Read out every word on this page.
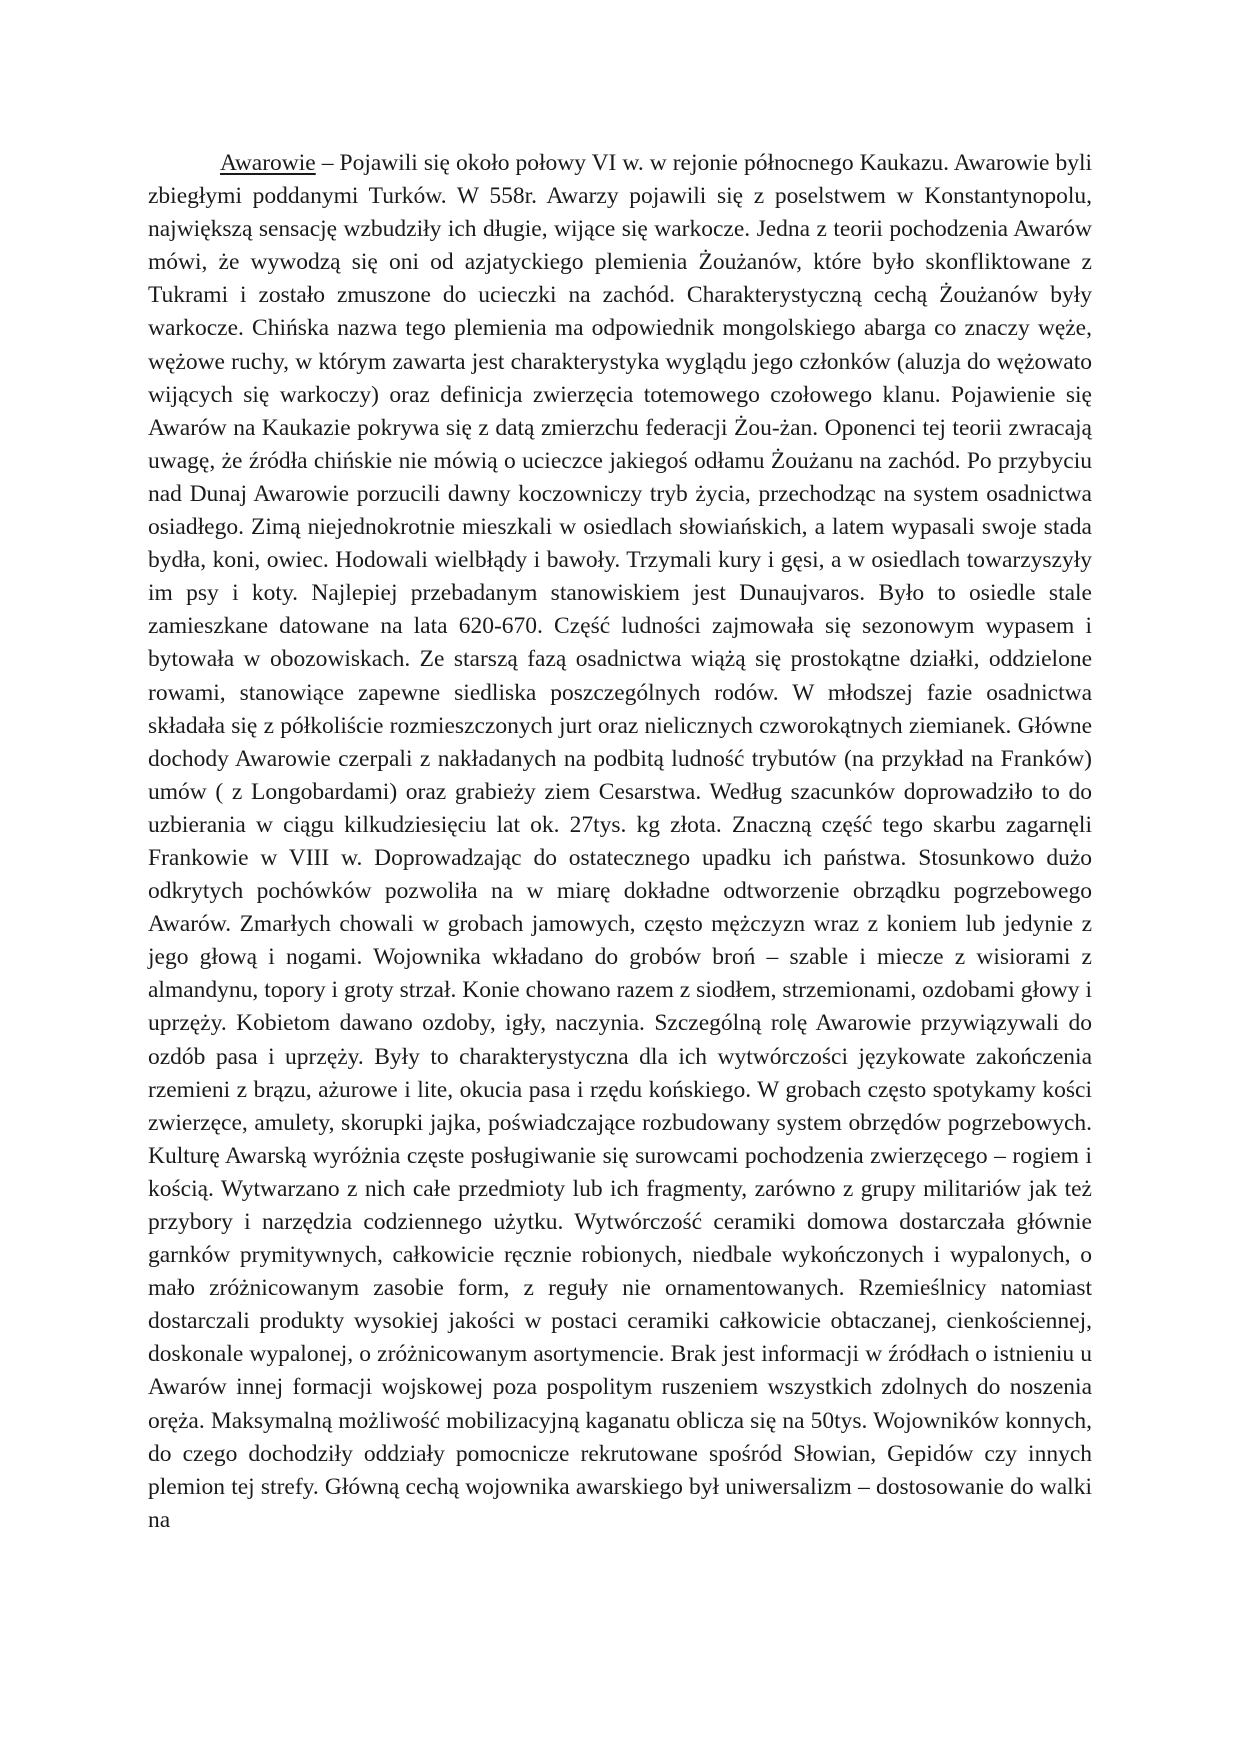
Awarowie – Pojawili się około połowy VI w. w rejonie północnego Kaukazu. Awarowie byli zbiegłymi poddanymi Turków. W 558r. Awarzy pojawili się z poselstwem w Konstantynopolu, największą sensację wzbudziły ich długie, wijące się warkocze. Jedna z teorii pochodzenia Awarów mówi, że wywodzą się oni od azjatyckiego plemienia Żoużanów, które było skonfliktowane z Tukrami i zostało zmuszone do ucieczki na zachód. Charakterystyczną cechą Żoużanów były warkocze. Chińska nazwa tego plemienia ma odpowiednik mongolskiego abarga co znaczy węże, wężowe ruchy, w którym zawarta jest charakterystyka wyglądu jego członków (aluzja do wężowato wijących się warkoczy) oraz definicja zwierzęcia totemowego czołowego klanu. Pojawienie się Awarów na Kaukazie pokrywa się z datą zmierzchu federacji Żou-żan. Oponenci tej teorii zwracają uwagę, że źródła chińskie nie mówią o ucieczce jakiegoś odłamu Żoużanu na zachód. Po przybyciu nad Dunaj Awarowie porzucili dawny koczowniczy tryb życia, przechodząc na system osadnictwa osiadłego. Zimą niejednokrotnie mieszkali w osiedlach słowiańskich, a latem wypasali swoje stada bydła, koni, owiec. Hodowali wielbłądy i bawoły. Trzymali kury i gęsi, a w osiedlach towarzyszyły im psy i koty. Najlepiej przebadanym stanowiskiem jest Dunaujvaros. Było to osiedle stale zamieszkane datowane na lata 620-670. Część ludności zajmowała się sezonowym wypasem i bytowała w obozowiskach. Ze starszą fazą osadnictwa wiążą się prostokątne działki, oddzielone rowami, stanowiące zapewne siedliska poszczególnych rodów. W młodszej fazie osadnictwa składała się z półkoliście rozmieszczonych jurt oraz nielicznych czworokątnych ziemianek. Główne dochody Awarowie czerpali z nakładanych na podbitą ludność trybutów (na przykład na Franków) umów ( z Longobardami) oraz grabieży ziem Cesarstwa. Według szacunków doprowadziło to do uzbierania w ciągu kilkudziesięciu lat ok. 27tys. kg złota. Znaczną część tego skarbu zagarnęli Frankowie w VIII w. Doprowadzając do ostatecznego upadku ich państwa. Stosunkowo dużo odkrytych pochówków pozwoliła na w miarę dokładne odtworzenie obrządku pogrzebowego Awarów. Zmarłych chowali w grobach jamowych, często mężczyzn wraz z koniem lub jedynie z jego głową i nogami. Wojownika wkładano do grobów broń – szable i miecze z wisiorami z almandynu, topory i groty strzał. Konie chowano razem z siodłem, strzemionami, ozdobami głowy i uprzęży. Kobietom dawano ozdoby, igły, naczynia. Szczególną rolę Awarowie przywiązywali do ozdób pasa i uprzęży. Były to charakterystyczna dla ich wytwórczości językowate zakończenia rzemieni z brązu, ażurowe i lite, okucia pasa i rzędu końskiego. W grobach często spotykamy kości zwierzęce, amulety, skorupki jajka, poświadczające rozbudowany system obrzędów pogrzebowych. Kulturę Awarską wyróżnia częste posługiwanie się surowcami pochodzenia zwierzęcego – rogiem i kością. Wytwarzano z nich całe przedmioty lub ich fragmenty, zarówno z grupy militariów jak też przybory i narzędzia codziennego użytku. Wytwórczość ceramiki domowa dostarczała głównie garnków prymitywnych, całkowicie ręcznie robionych, niedbale wykończonych i wypalonych, o mało zróżnicowanym zasobie form, z reguły nie ornamentowanych. Rzemieślnicy natomiast dostarczali produkty wysokiej jakości w postaci ceramiki całkowicie obtaczanej, cienkościennej, doskonale wypalonej, o zróżnicowanym asortymencie. Brak jest informacji w źródłach o istnieniu u Awarów innej formacji wojskowej poza pospolitym ruszeniem wszystkich zdolnych do noszenia oręża. Maksymalną możliwość mobilizacyjną kaganatu oblicza się na 50tys. Wojowników konnych, do czego dochodziły oddziały pomocnicze rekrutowane spośród Słowian, Gepidów czy innych plemion tej strefy. Główną cechą wojownika awarskiego był uniwersalizm – dostosowanie do walki na
